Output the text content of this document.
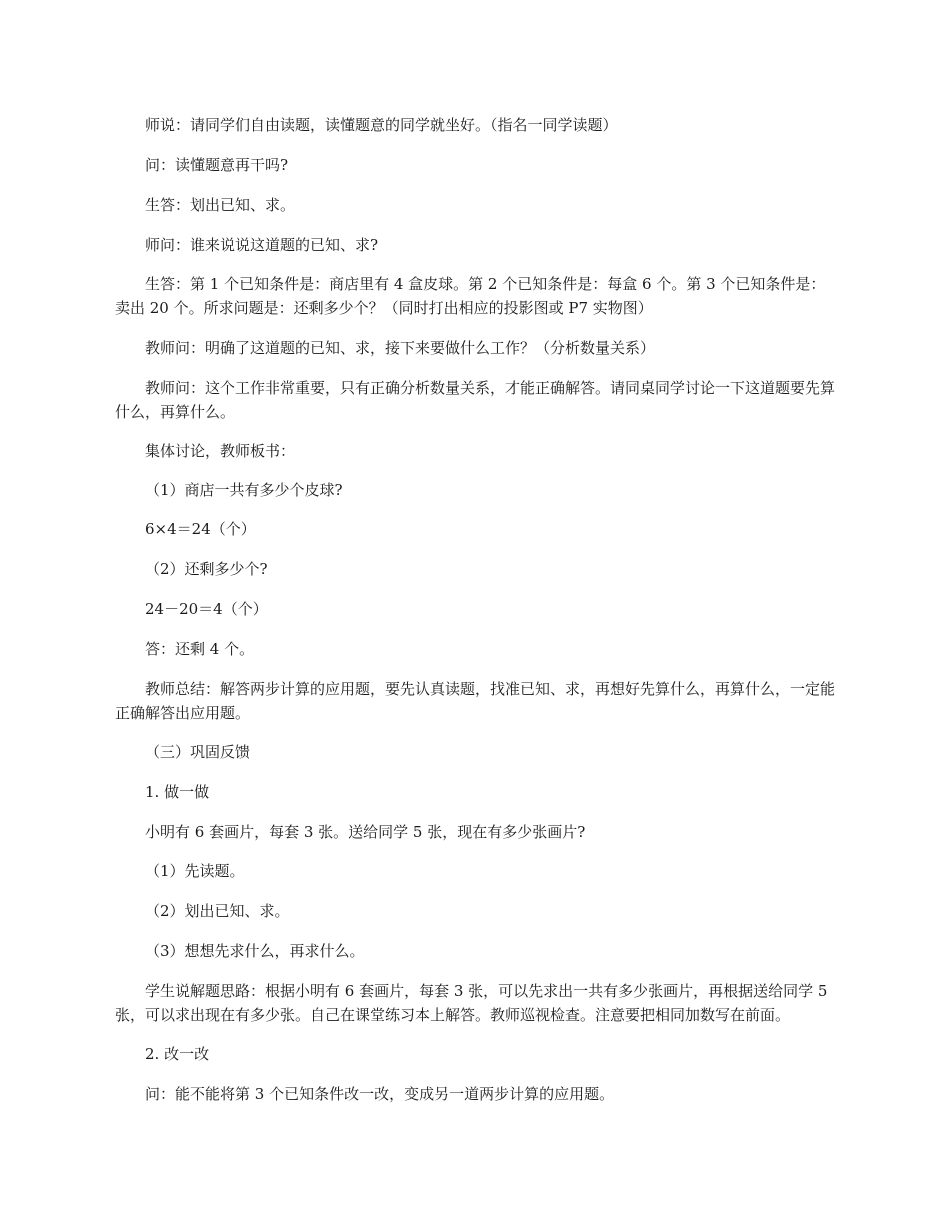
师说：请同学们自由读题，读懂题意的同学就坐好。（指名一同学读题）

问：读懂题意再干吗?

生答：划出已知、求。

师问：谁来说说这道题的已知、求?

生答：第 1 个已知条件是：商店里有 4 盒皮球。第 2 个已知条件是：每盒 6 个。第 3 个已知条件是：卖出 20 个。所求问题是：还剩多少个？（同时打出相应的投影图或 P7 实物图）

教师问：明确了这道题的已知、求，接下来要做什么工作？（分析数量关系）

教师问：这个工作非常重要，只有正确分析数量关系，才能正确解答。请同桌同学讨论一下这道题要先算什么，再算什么。

集体讨论，教师板书：

（1）商店一共有多少个皮球?

6×4＝24（个）

（2）还剩多少个?

24－20＝4（个）

答：还剩 4 个。

教师总结：解答两步计算的应用题，要先认真读题，找准已知、求，再想好先算什么，再算什么，一定能正确解答出应用题。

（三）巩固反馈

1. 做一做

小明有 6 套画片，每套 3 张。送给同学 5 张，现在有多少张画片?

（1）先读题。

（2）划出已知、求。

（3）想想先求什么，再求什么。

学生说解题思路：根据小明有 6 套画片，每套 3 张，可以先求出一共有多少张画片，再根据送给同学 5 张，可以求出现在有多少张。自己在课堂练习本上解答。教师巡视检查。注意要把相同加数写在前面。

2. 改一改

问：能不能将第 3 个已知条件改一改，变成另一道两步计算的应用题。
